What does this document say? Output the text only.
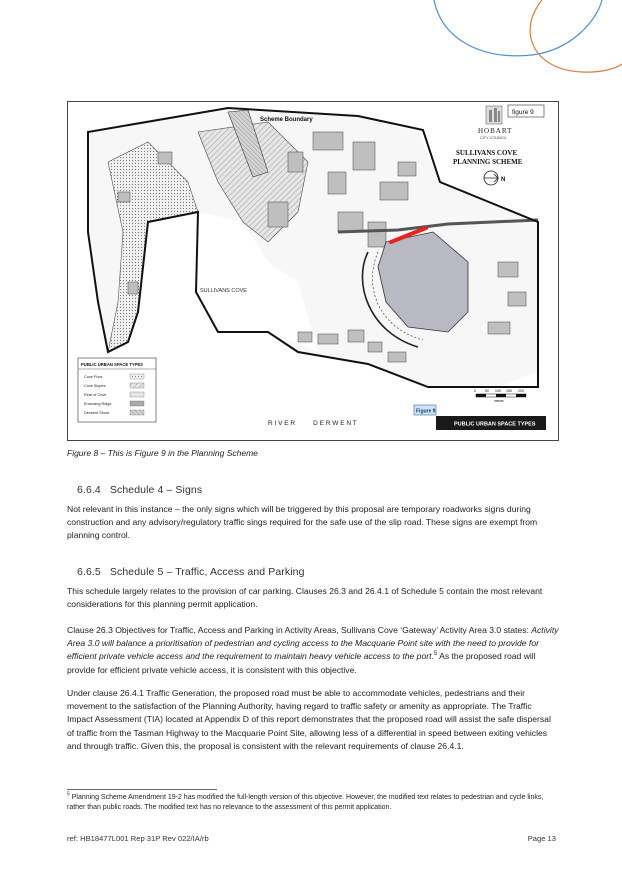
Scheme Boundary
SULLIVANS COVE
figure 9
HOBART
CITY COUNCIL
SULLIVANS COVE
PLANNING SCHEME
N
PUBLIC URBAN SPACE TYPES
Cove Floor
Cove Slopes
Rear of Cove
Enclosing Ridge
Derwent Shore
R I V E R          D E R W E N T
0	50 100 150 200
metres
Figure 9
PUBLIC URBAN SPACE TYPES
Figure 8 – This is Figure 9 in the Planning Scheme
6.6.4 Schedule 4 – Signs
Not relevant in this instance – the only signs which will be triggered by this proposal are temporary roadworks signs during construction and any advisory/regulatory traffic sings required for the safe use of the slip road. These signs are exempt from planning control.
6.6.5 Schedule 5 – Traffic, Access and Parking
This schedule largely relates to the provision of car parking. Clauses 26.3 and 26.4.1 of Schedule 5 contain the most relevant considerations for this planning permit application.
Clause 26.3 Objectives for Traffic, Access and Parking in Activity Areas, Sullivans Cove ‘Gateway’ Activity Area 3.0 states: Activity Area 3.0 will balance a prioritisation of pedestrian and cycling access to the Macquarie Point site with the need to provide for efficient private vehicle access and the requirement to maintain heavy vehicle access to the port.$^5$ As the proposed road will provide for efficient private vehicle access, it is consistent with this objective.
Under clause 26.4.1 Traffic Generation, the proposed road must be able to accommodate vehicles, pedestrians and their movement to the satisfaction of the Planning Authority, having regard to traffic safety or amenity as appropriate. The Traffic Impact Assessment (TIA) located at Appendix D of this report demonstrates that the proposed road will assist the safe dispersal of traffic from the Tasman Highway to the Macquarie Point Site, allowing less of a differential in speed between exiting vehicles and through traffic. Given this, the proposal is consistent with the relevant requirements of clause 26.4.1.
$^5$ Planning Scheme Amendment 19-2 has modified the full-length version of this objective. However, the modified text relates to pedestrian and cycle links, rather than public roads. The modified text has no relevance to the assessment of this permit application.
ref: HB18477L001 Rep 31P Rev 022/IA/rb	Page 13
